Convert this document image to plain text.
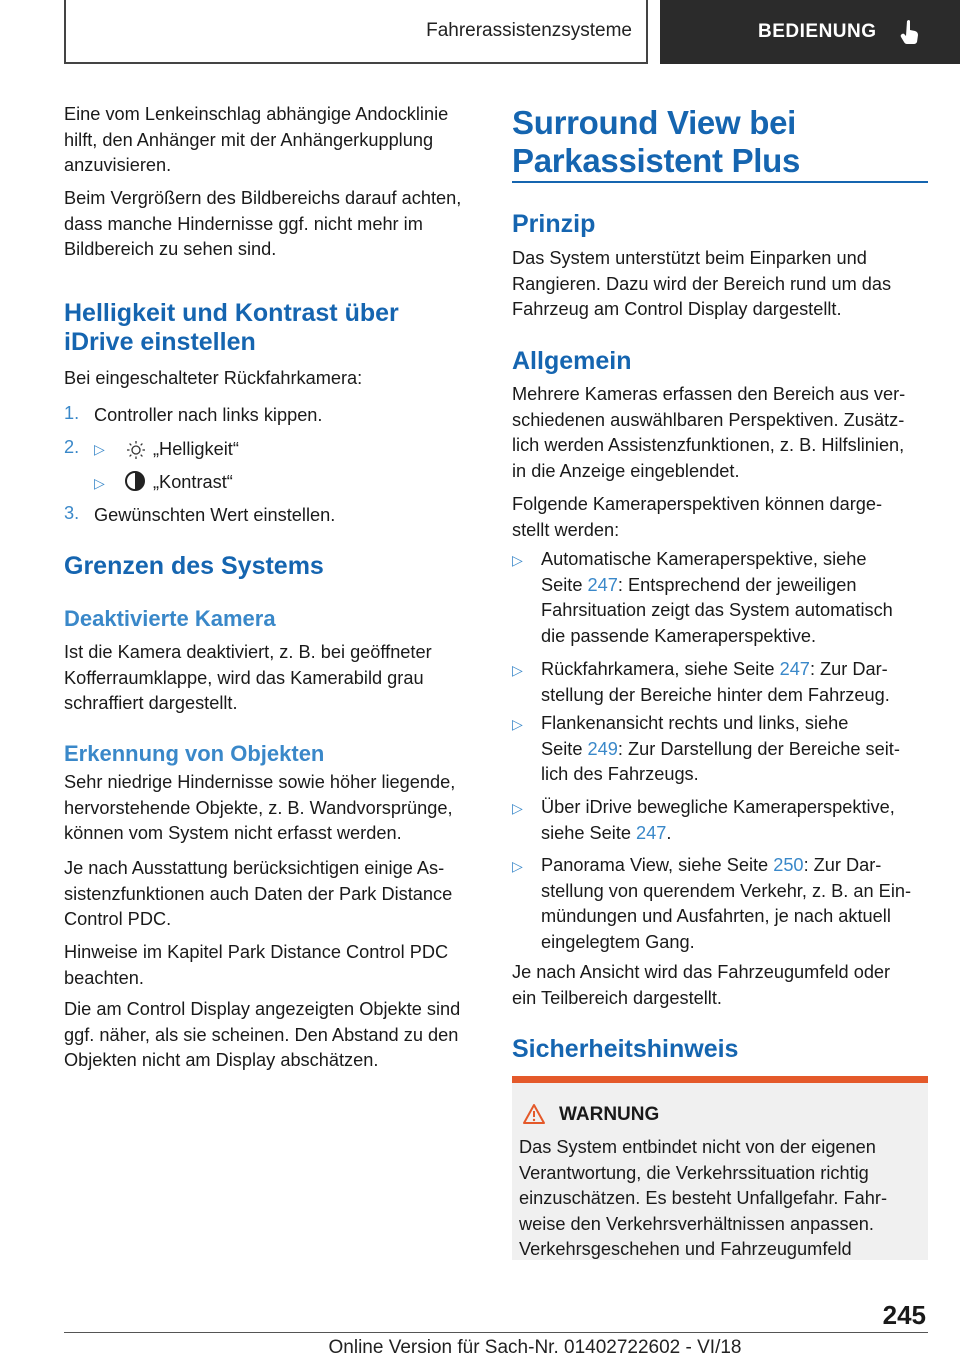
Fahrerassistenzsysteme	BEDIENUNG
Eine vom Lenkeinschlag abhängige Andocklinie
hilft, den Anhänger mit der Anhängerkupplung
anzuvisieren.
Beim Vergrößern des Bildbereichs darauf achten,
dass manche Hindernisse ggf. nicht mehr im
Bildbereich zu sehen sind.
Helligkeit und Kontrast über
iDrive einstellen
Bei eingeschalteter Rückfahrkamera:
1. Controller nach links kippen.
2. ▷	„Helligkeit“
▷	„Kontrast“
3. Gewünschten Wert einstellen.
Grenzen des Systems
Deaktivierte Kamera
Ist die Kamera deaktiviert, z. B. bei geöffneter
Kofferraumklappe, wird das Kamerabild grau
schraffiert dargestellt.
Erkennung von Objekten
Sehr niedrige Hindernisse sowie höher liegende,
hervorstehende Objekte, z. B. Wandvorsprünge,
können vom System nicht erfasst werden.
Je nach Ausstattung berücksichtigen einige As‐
sistenzfunktionen auch Daten der Park Distance
Control PDC.
Hinweise im Kapitel Park Distance Control PDC
beachten.
Die am Control Display angezeigten Objekte sind
ggf. näher, als sie scheinen. Den Abstand zu den
Objekten nicht am Display abschätzen.
Surround View bei
Parkassistent Plus
Prinzip
Das System unterstützt beim Einparken und
Rangieren. Dazu wird der Bereich rund um das
Fahrzeug am Control Display dargestellt.
Allgemein
Mehrere Kameras erfassen den Bereich aus ver‐
schiedenen auswählbaren Perspektiven. Zusätz‐
lich werden Assistenzfunktionen, z. B. Hilfslinien,
in die Anzeige eingeblendet.
Folgende Kameraperspektiven können darge‐
stellt werden:
▷ Automatische Kameraperspektive, siehe
Seite 247: Entsprechend der jeweiligen
Fahrsituation zeigt das System automatisch
die passende Kameraperspektive.
▷ Rückfahrkamera, siehe Seite 247: Zur Dar‐
stellung der Bereiche hinter dem Fahrzeug.
▷ Flankenansicht rechts und links, siehe
Seite 249: Zur Darstellung der Bereiche seit‐
lich des Fahrzeugs.
▷ Über iDrive bewegliche Kameraperspektive,
siehe Seite 247.
▷ Panorama View, siehe Seite 250: Zur Dar‐
stellung von querendem Verkehr, z. B. an Ein‐
mündungen und Ausfahrten, je nach aktuell
eingelegtem Gang.
Je nach Ansicht wird das Fahrzeugumfeld oder
ein Teilbereich dargestellt.
Sicherheitshinweis
WARNUNG
Das System entbindet nicht von der eigenen
Verantwortung, die Verkehrssituation richtig
einzuschätzen. Es besteht Unfallgefahr. Fahr‐
weise den Verkehrsverhältnissen anpassen.
Verkehrsgeschehen und Fahrzeugumfeld
245
Online Version für Sach-Nr. 01402722602 - VI/18
